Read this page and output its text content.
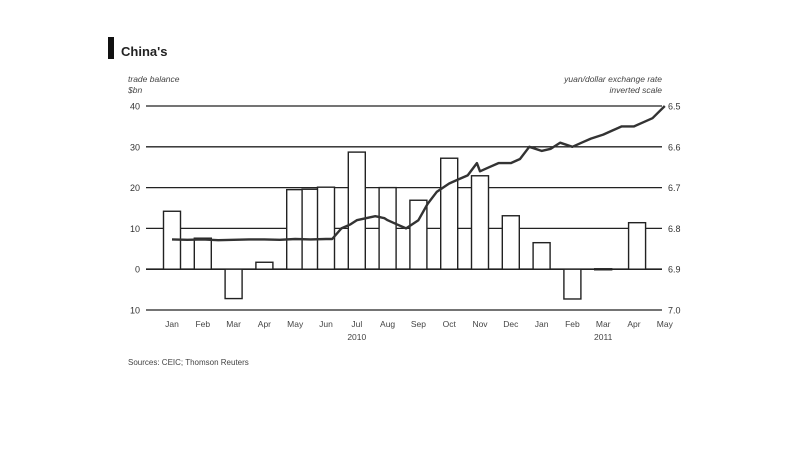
China's
trade balance
$bn
yuan/dollar exchange rate
inverted scale
40
30
20
10
0
10
6.5
6.6
6.7
6.8
6.9
7.0
Jan Feb Mar Apr May Jun Jul Aug Sep Oct Nov Dec Jan Feb Mar Apr May
2010	2011
Sources: CEIC; Thomson Reuters
